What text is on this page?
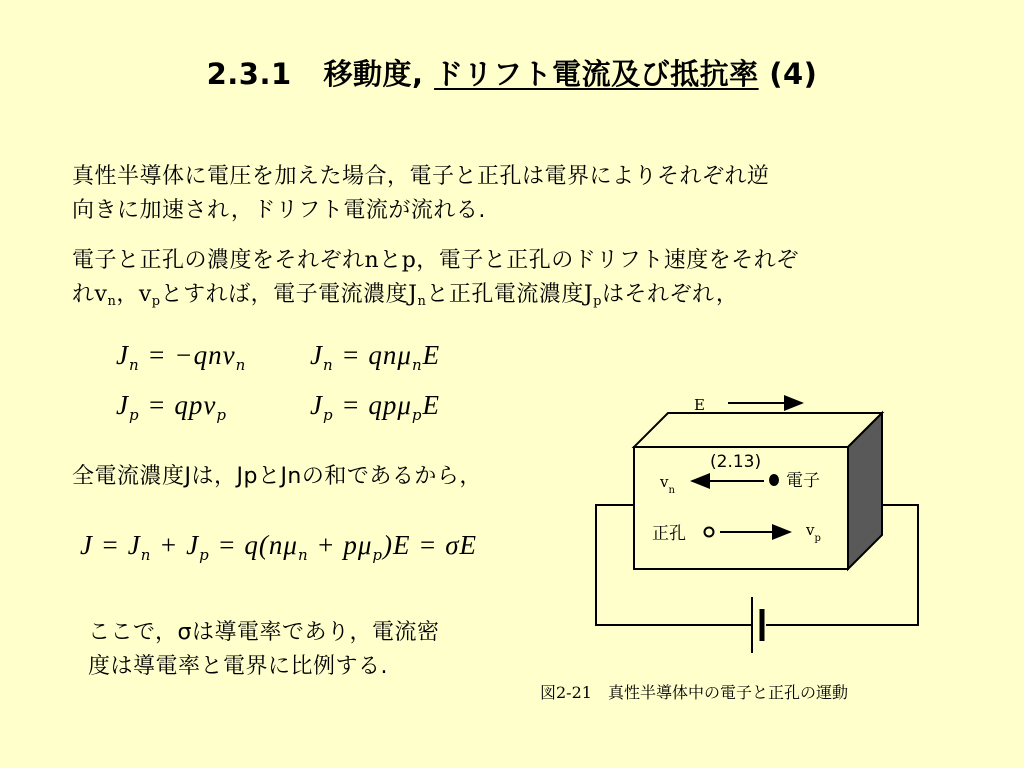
2.3.1 移動度, ドリフト電流及び抵抗率 (4)
真性半導体に電圧を加えた場合，電子と正孔は電界によりそれぞれ逆
向きに加速され，ドリフト電流が流れる.
電子と正孔の濃度をそれぞれnとp，電子と正孔のドリフト速度をそれぞ
れ$v_n$，$v_p$とすれば，電子電流濃度$J_n$と正孔電流濃度$J_p$はそれぞれ，
$J_n = -qn\nu_n$ $J_n = qn\mu_nE$
$J_p = qp\nu_p$	$J_p = qp\mu_pE$
全電流濃度Jは，JpとJnの和であるから，
$J = J_n + J_p = q(n\mu_n + p\mu_p)E = \sigma E$
ここで，σは導電率であり，電流密
度は導電率と電界に比例する.
E
(2.13)
電子
$v_n$
正孔	$v_p$
図2-21　真性半導体中の電子と正孔の運動
